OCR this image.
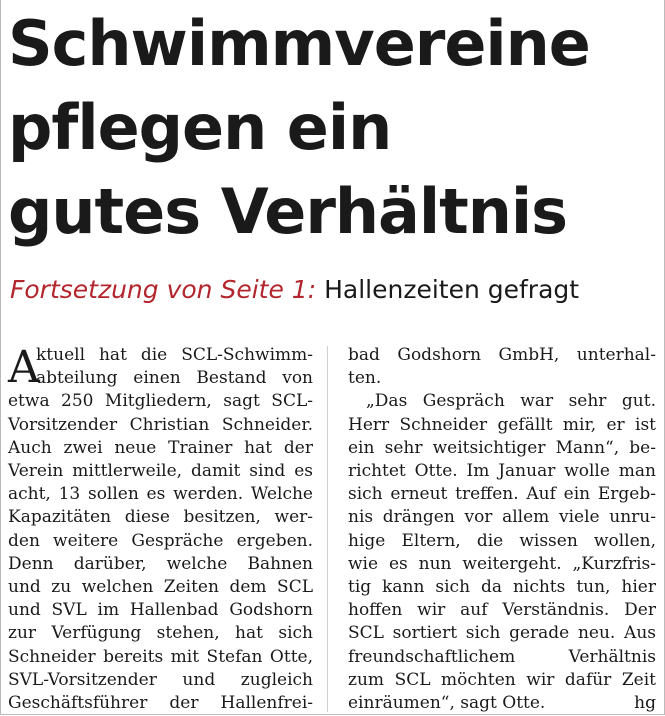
Schwimmvereine
pflegen ein
gutes Verhältnis
Fortsetzung von Seite 1: Hallenzeiten gefragt
A
ktuell hat die SCL-Schwimm-
abteilung einen Bestand von
etwa 250 Mitgliedern, sagt SCL-
Vorsitzender Christian Schneider.
Auch zwei neue Trainer hat der
Verein mittlerweile, damit sind es
acht, 13 sollen es werden. Welche
Kapazitäten diese besitzen, wer-
den weitere Gespräche ergeben.
Denn darüber, welche Bahnen
und zu welchen Zeiten dem SCL
und SVL im Hallenbad Godshorn
zur Verfügung stehen, hat sich
Schneider bereits mit Stefan Otte,
SVL-Vorsitzender und zugleich
Geschäftsführer der Hallenfrei-
bad Godshorn GmbH, unterhal-
ten.
„Das Gespräch war sehr gut.
Herr Schneider gefällt mir, er ist
ein sehr weitsichtiger Mann“, be-
richtet Otte. Im Januar wolle man
sich erneut treffen. Auf ein Ergeb-
nis drängen vor allem viele unru-
hige Eltern, die wissen wollen,
wie es nun weitergeht. „Kurzfris-
tig kann sich da nichts tun, hier
hoffen wir auf Verständnis. Der
SCL sortiert sich gerade neu. Aus
freundschaftlichem Verhältnis
zum SCL möchten wir dafür Zeit
einräumen“, sagt Otte.	hg
